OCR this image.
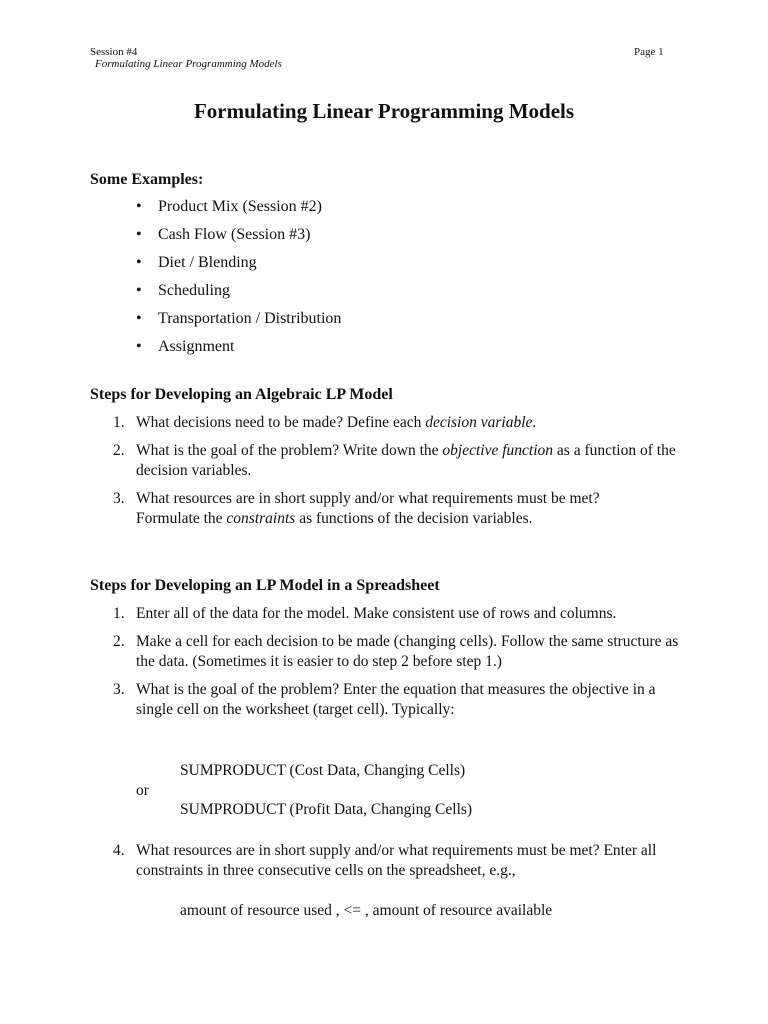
Session #4
Formulating Linear Programming Models
Page 1
Formulating Linear Programming Models
Some Examples:
• Product Mix (Session #2)
• Cash Flow (Session #3)
• Diet / Blending
• Scheduling
• Transportation / Distribution
• Assignment
Steps for Developing an Algebraic LP Model
1. What decisions need to be made? Define each decision variable.
2. What is the goal of the problem? Write down the objective function as a function of the decision variables.
3. What resources are in short supply and/or what requirements must be met?
Formulate the constraints as functions of the decision variables.
Steps for Developing an LP Model in a Spreadsheet
1. Enter all of the data for the model. Make consistent use of rows and columns.
2. Make a cell for each decision to be made (changing cells). Follow the same structure as the data. (Sometimes it is easier to do step 2 before step 1.)
3. What is the goal of the problem? Enter the equation that measures the objective in a single cell on the worksheet (target cell). Typically:
SUMPRODUCT (Cost Data, Changing Cells)
or
SUMPRODUCT (Profit Data, Changing Cells)
4. What resources are in short supply and/or what requirements must be met? Enter all constraints in three consecutive cells on the spreadsheet, e.g.,
amount of resource used , <= , amount of resource available
